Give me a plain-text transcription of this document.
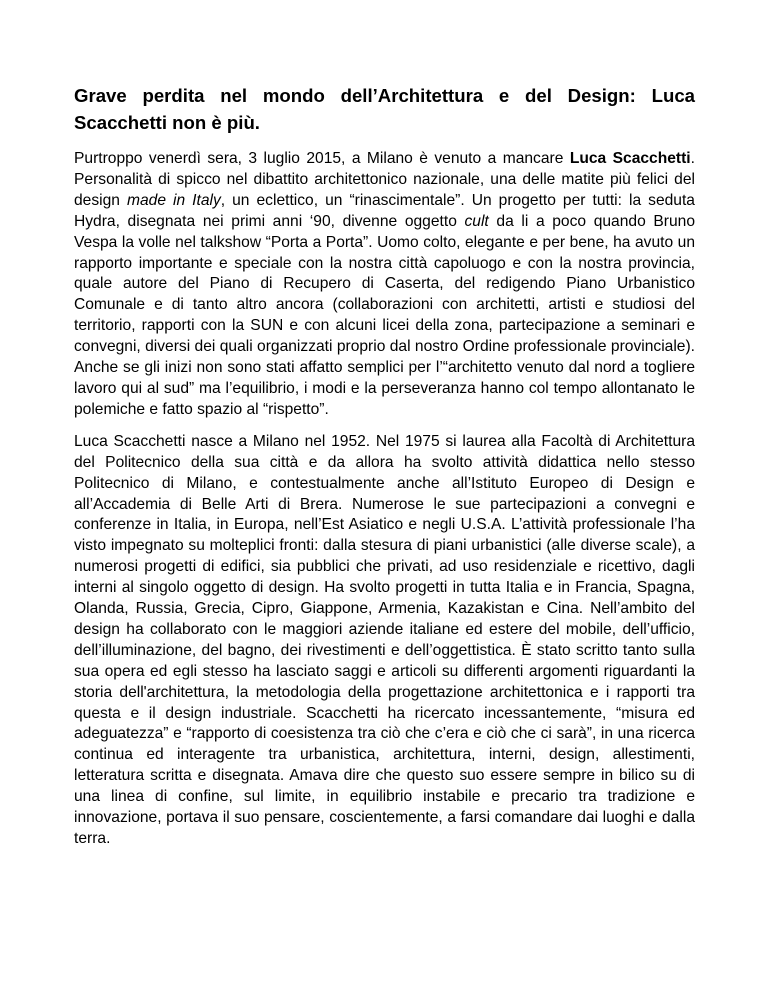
Grave perdita nel mondo dell’Architettura e del Design: Luca Scacchetti non è più.

Purtroppo venerdì sera, 3 luglio 2015, a Milano è venuto a mancare Luca Scacchetti. Personalità di spicco nel dibattito architettonico nazionale, una delle matite più felici del design made in Italy, un eclettico, un “rinascimentale”. Un progetto per tutti: la seduta Hydra, disegnata nei primi anni ‘90, divenne oggetto cult da li a poco quando Bruno Vespa la volle nel talkshow “Porta a Porta”. Uomo colto, elegante e per bene, ha avuto un rapporto importante e speciale con la nostra città capoluogo e con la nostra provincia, quale autore del Piano di Recupero di Caserta, del redigendo Piano Urbanistico Comunale e di tanto altro ancora (collaborazioni con architetti, artisti e studiosi del territorio, rapporti con la SUN e con alcuni licei della zona, partecipazione a seminari e convegni, diversi dei quali organizzati proprio dal nostro Ordine professionale provinciale). Anche se gli inizi non sono stati affatto semplici per l’“architetto venuto dal nord a togliere lavoro qui al sud” ma l’equilibrio, i modi e la perseveranza hanno col tempo allontanato le polemiche e fatto spazio al “rispetto”.

Luca Scacchetti nasce a Milano nel 1952. Nel 1975 si laurea alla Facoltà di Architettura del Politecnico della sua città e da allora ha svolto attività didattica nello stesso Politecnico di Milano, e contestualmente anche all’Istituto Europeo di Design e all’Accademia di Belle Arti di Brera. Numerose le sue partecipazioni a convegni e conferenze in Italia, in Europa, nell’Est Asiatico e negli U.S.A. L’attività professionale l’ha visto impegnato su molteplici fronti: dalla stesura di piani urbanistici (alle diverse scale), a numerosi progetti di edifici, sia pubblici che privati, ad uso residenziale e ricettivo, dagli interni al singolo oggetto di design. Ha svolto progetti in tutta Italia e in Francia, Spagna, Olanda, Russia, Grecia, Cipro, Giappone, Armenia, Kazakistan e Cina. Nell’ambito del design ha collaborato con le maggiori aziende italiane ed estere del mobile, dell’ufficio, dell’illuminazione, del bagno, dei rivestimenti e dell’oggettistica. È stato scritto tanto sulla sua opera ed egli stesso ha lasciato saggi e articoli su differenti argomenti riguardanti la storia dell'architettura, la metodologia della progettazione architettonica e i rapporti tra questa e il design industriale. Scacchetti ha ricercato incessantemente, “misura ed adeguatezza” e “rapporto di coesistenza tra ciò che c’era e ciò che ci sarà”, in una ricerca continua ed interagente tra urbanistica, architettura, interni, design, allestimenti, letteratura scritta e disegnata. Amava dire che questo suo essere sempre in bilico su di una linea di confine, sul limite, in equilibrio instabile e precario tra tradizione e innovazione, portava il suo pensare, coscientemente, a farsi comandare dai luoghi e dalla terra.
